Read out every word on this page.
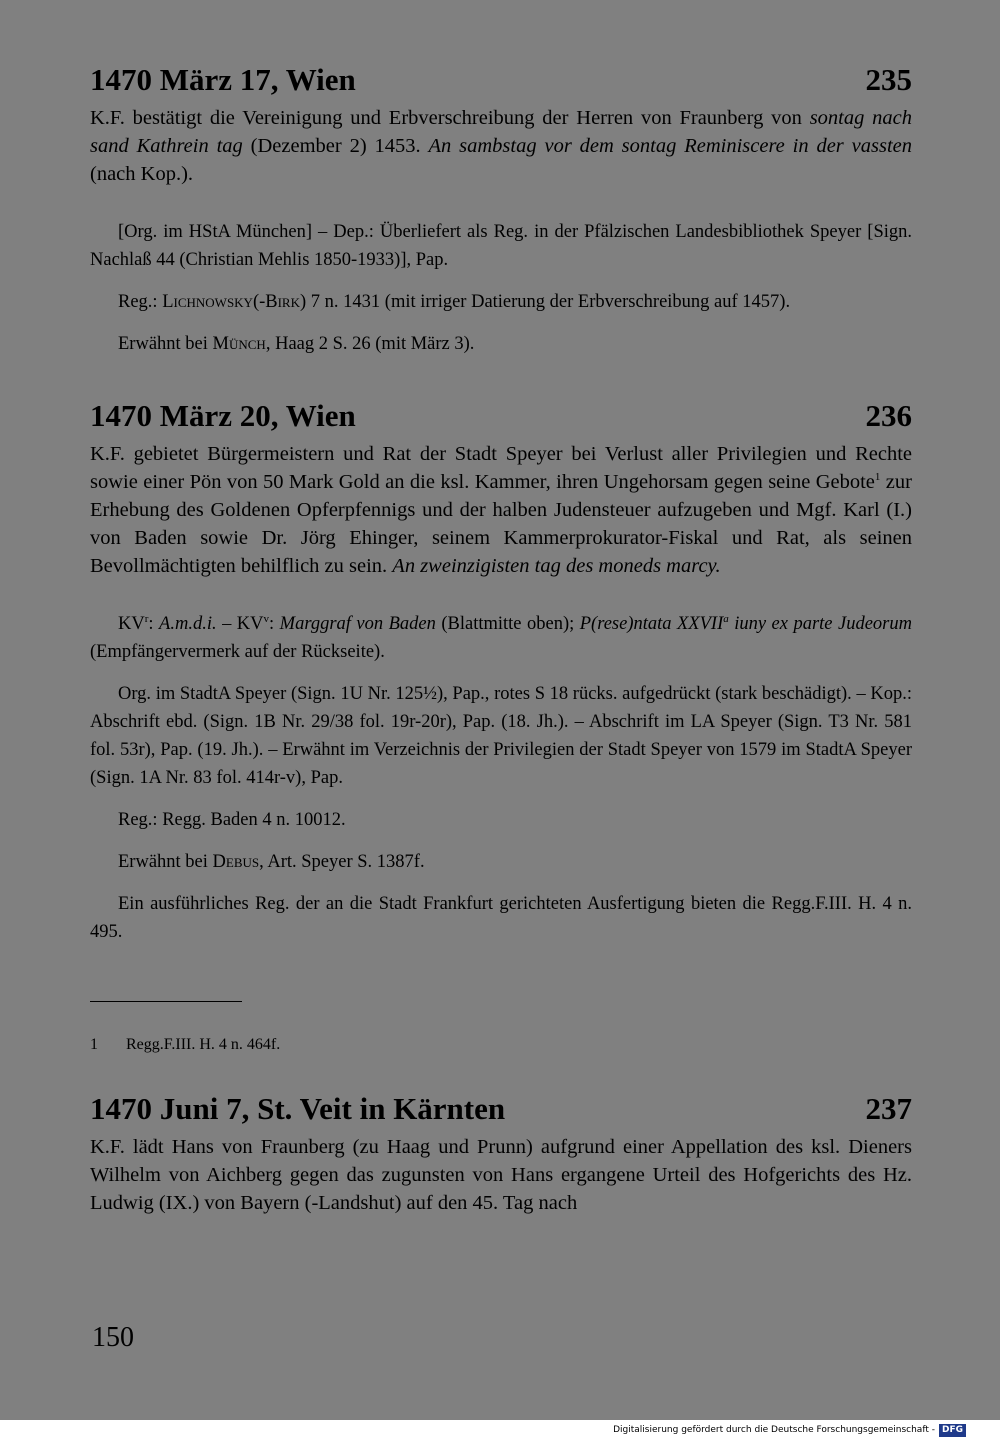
1470 März 17, Wien	235
K.F. bestätigt die Vereinigung und Erbverschreibung der Herren von Fraunberg von sontag nach sand Kathrein tag (Dezember 2) 1453. An sambstag vor dem sontag Reminiscere in der vassten (nach Kop.).
[Org. im HStA München] – Dep.: Überliefert als Reg. in der Pfälzischen Landesbibliothek Speyer [Sign. Nachlaß 44 (Christian Mehlis 1850-1933)], Pap.
Reg.: Lichnowsky(-Birk) 7 n. 1431 (mit irriger Datierung der Erbverschreibung auf 1457).
Erwähnt bei Münch, Haag 2 S. 26 (mit März 3).
1470 März 20, Wien	236
K.F. gebietet Bürgermeistern und Rat der Stadt Speyer bei Verlust aller Privilegien und Rechte sowie einer Pön von 50 Mark Gold an die ksl. Kammer, ihren Ungehorsam gegen seine Gebote$^1$ zur Erhebung des Goldenen Opferpfennigs und der halben Judensteuer aufzugeben und Mgf. Karl (I.) von Baden sowie Dr. Jörg Ehinger, seinem Kammerprokurator-Fiskal und Rat, als seinen Bevollmächtigten behilflich zu sein. An zweinzigisten tag des moneds marcy.
$KV^r$: A.m.d.i. – $KV^v$: Marggraf von Baden (Blattmitte oben); P(rese)ntata XXVII$^a$ iuny ex parte Judeorum (Empfängervermerk auf der Rückseite).
Org. im StadtA Speyer (Sign. 1U Nr. 125½), Pap., rotes S 18 rücks. aufgedrückt (stark beschädigt). – Kop.: Abschrift ebd. (Sign. 1B Nr. 29/38 fol. 19r-20r), Pap. (18. Jh.). – Abschrift im LA Speyer (Sign. T3 Nr. 581 fol. 53r), Pap. (19. Jh.). – Erwähnt im Verzeichnis der Privilegien der Stadt Speyer von 1579 im StadtA Speyer (Sign. 1A Nr. 83 fol. 414r-v), Pap.
Reg.: Regg. Baden 4 n. 10012.
Erwähnt bei Debus, Art. Speyer S. 1387f.
Ein ausführliches Reg. der an die Stadt Frankfurt gerichteten Ausfertigung bieten die Regg.F.III. H. 4 n. 495.
1 Regg.F.III. H. 4 n. 464f.
1470 Juni 7, St. Veit in Kärnten	237
K.F. lädt Hans von Fraunberg (zu Haag und Prunn) aufgrund einer Appellation des ksl. Dieners Wilhelm von Aichberg gegen das zugunsten von Hans ergangene Urteil des Hofgerichts des Hz. Ludwig (IX.) von Bayern (-Landshut) auf den 45. Tag nach
150
Digitalisierung gefördert durch die Deutsche Forschungsgemeinschaft - DFG
